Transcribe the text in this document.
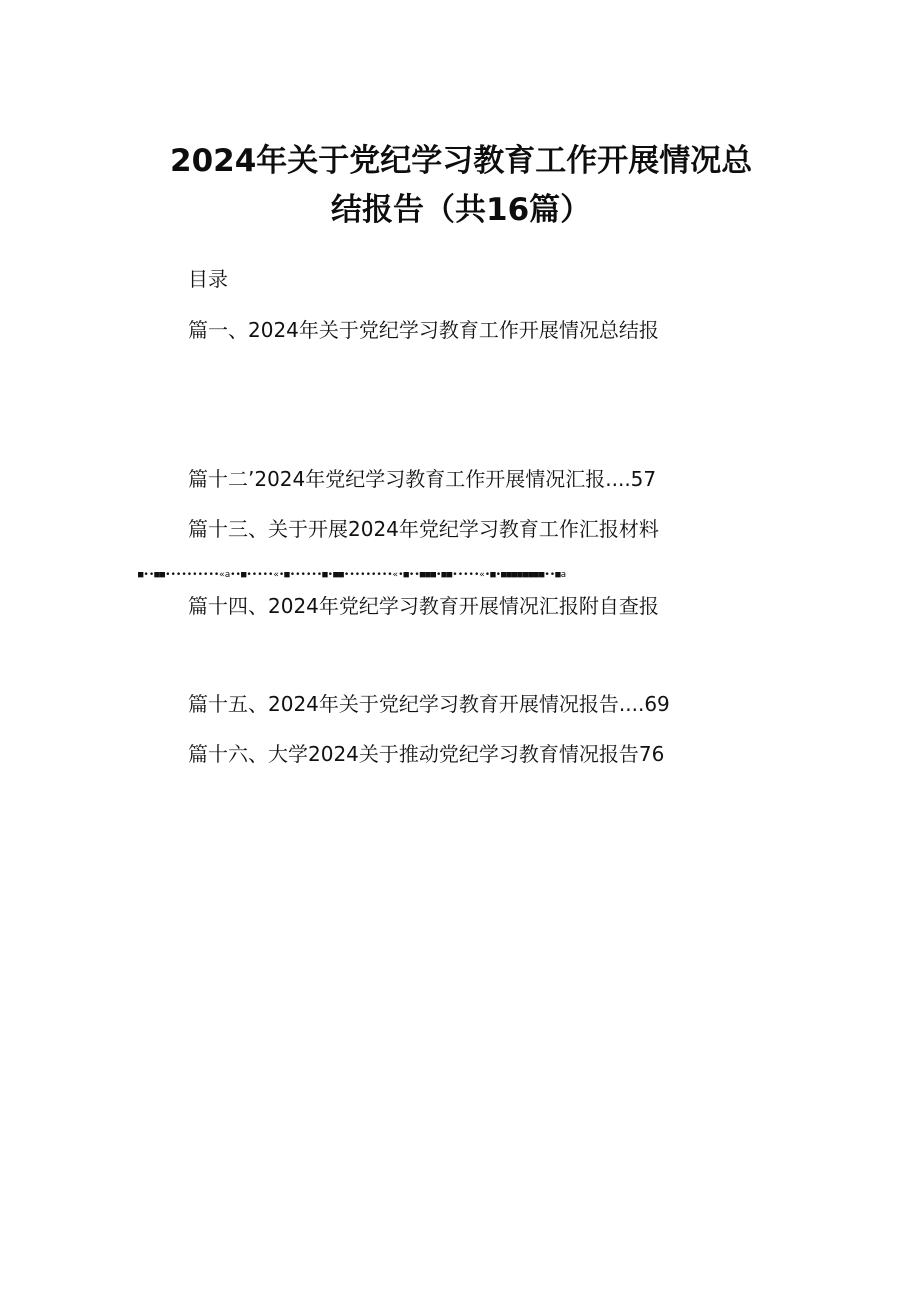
2024年关于党纪学习教育工作开展情况总
结报告（共16篇）
目录
篇一、2024年关于党纪学习教育工作开展情况总结报
篇十二’2024年党纪学习教育工作开展情况汇报....57
篇十三、关于开展2024年党纪学习教育工作汇报材料
■••■■••••••••••«a••■•••••«•■••••••■•■■•••••••••«•■••■■■•■■•••••«•■•■■■■■■■■••■a
篇十四、2024年党纪学习教育开展情况汇报附自查报
篇十五、2024年关于党纪学习教育开展情况报告....69
篇十六、大学2024关于推动党纪学习教育情况报告76
